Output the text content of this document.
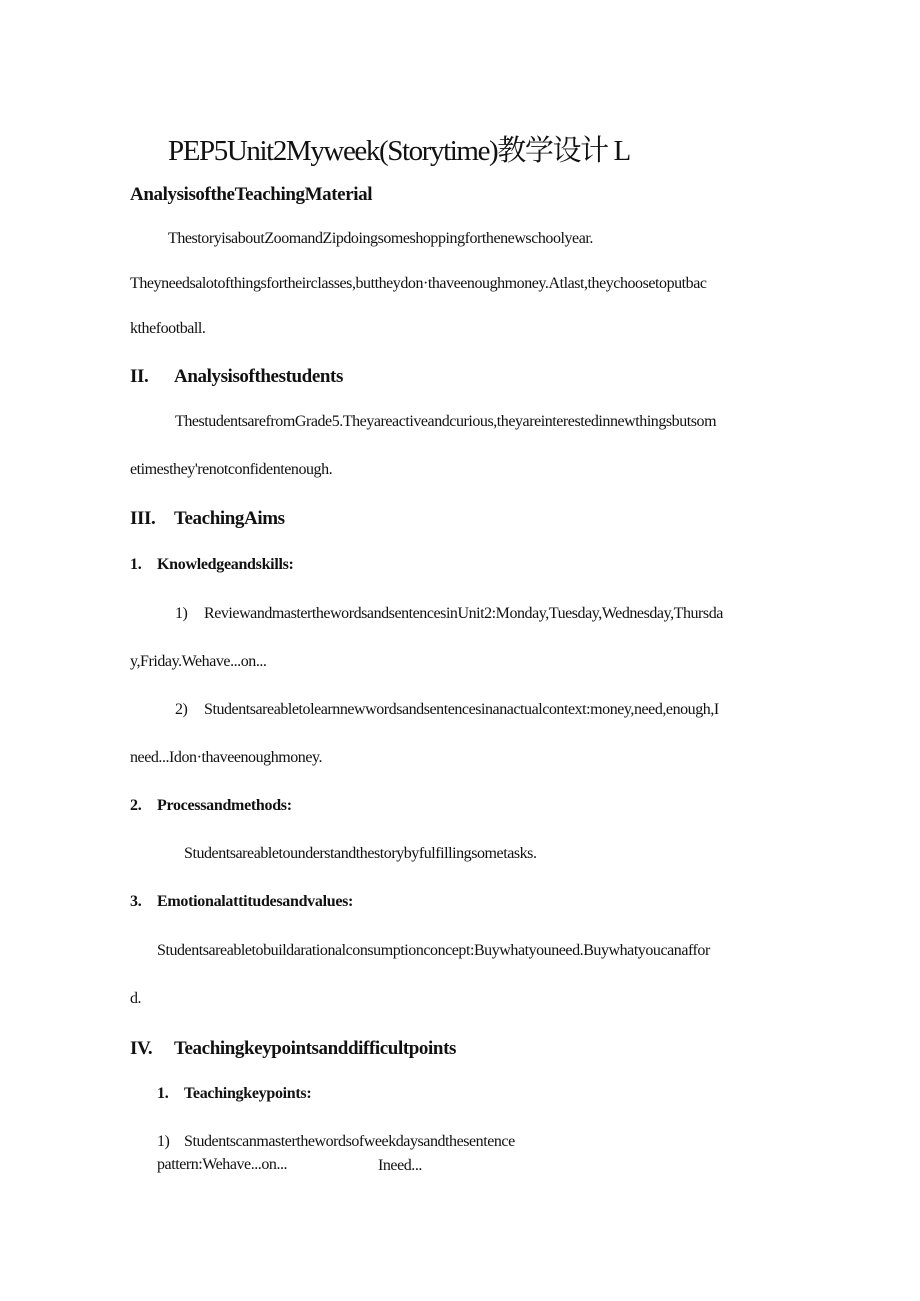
PEP5Unit2Myweek(Storytime)教学设计 L
AnalysisoftheTeachingMaterial
ThestoryisaboutZoomandZipdoingsomeshoppingforthenewschoolyear.
Theyneedsalotofthingsfortheirclasses,buttheydon·thaveenoughmoney.Atlast,theychoosetoputbac
kthefootball.
II. Analysisofthestudents
ThestudentsarefromGrade5.Theyareactiveandcurious,theyareinterestedinnewthingsbutsom
etimesthey'renotconfidentenough.
III. TeachingAims
1. Knowledgeandskills:
1) ReviewandmasterthewordsandsentencesinUnit2:Monday,Tuesday,Wednesday,Thursda
y,Friday.Wehave...on...
2) Studentsareabletolearnnewwordsandsentencesinanactualcontext:money,need,enough,I
need...Idon·thaveenoughmoney.
2. Processandmethods:
Studentsareabletounderstandthestorybyfulfillingsometasks.
3. Emotionalattitudesandvalues:
Studentsareabletobuildarationalconsumptionconcept:Buywhatyouneed.Buywhatyoucanaffor
d.
IV. Teachingkeypointsanddifficultpoints
1. Teachingkeypoints:
1) Studentscanmasterthewordsofweekdaysandthesentence
pattern:Wehave...on...	Ineed...
